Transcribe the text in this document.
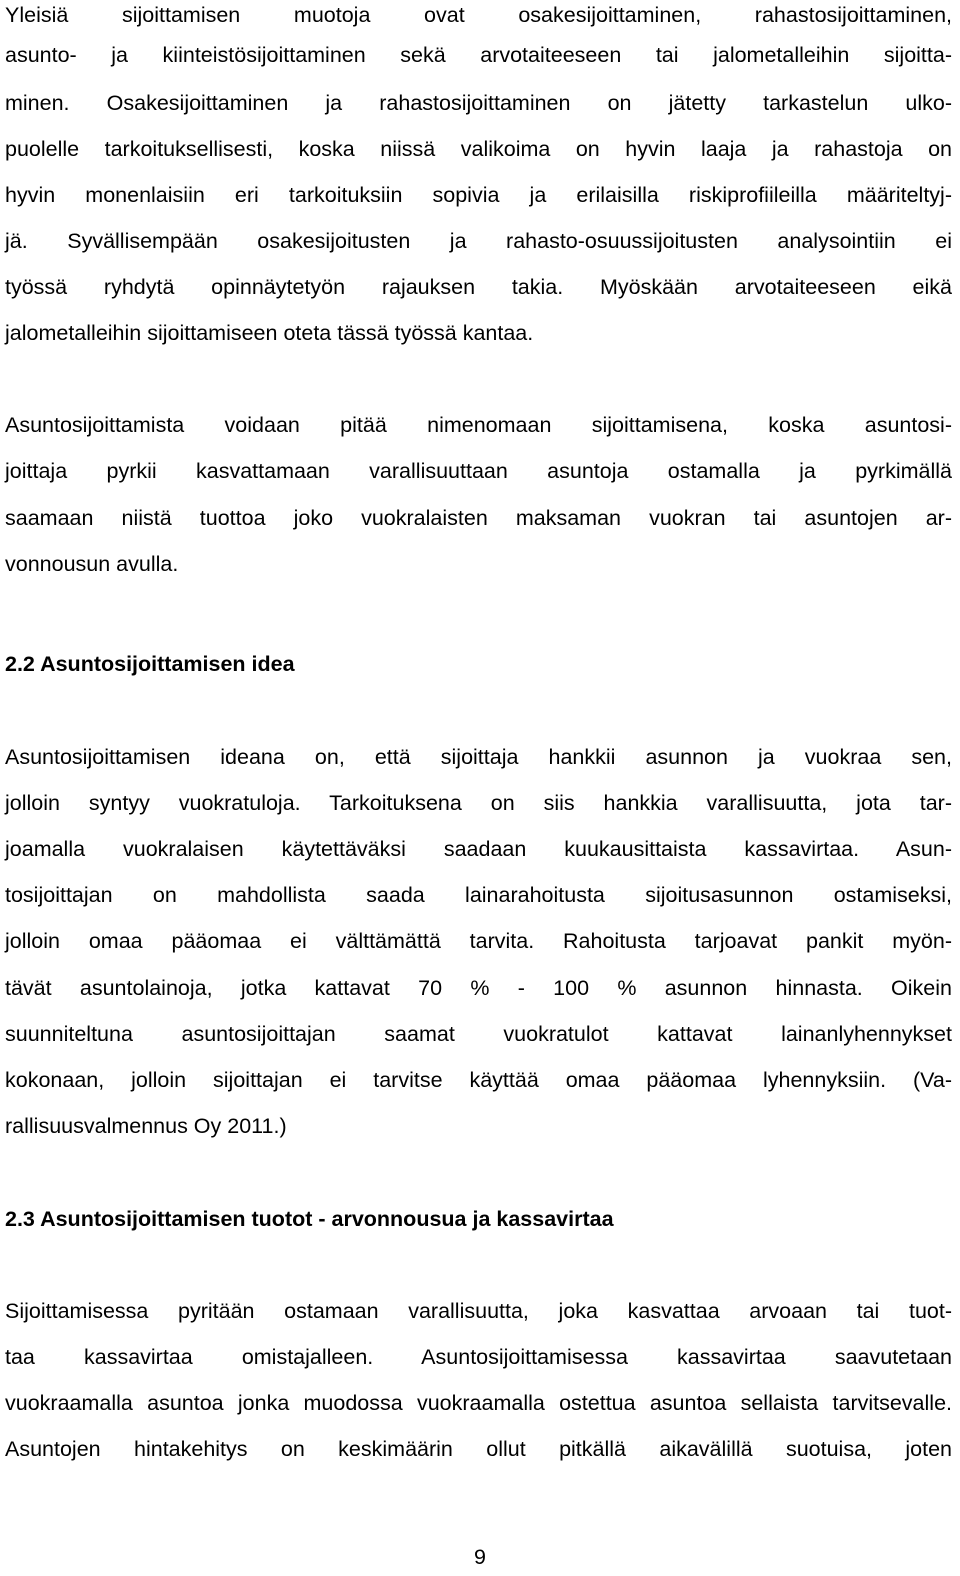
Yleisiä sijoittamisen muotoja ovat osakesijoittaminen, rahastosijoittaminen,
asunto- ja kiinteistösijoittaminen sekä arvotaiteeseen tai jalometalleihin sijoitta-
minen. Osakesijoittaminen ja rahastosijoittaminen on jätetty tarkastelun ulko-
puolelle tarkoituksellisesti, koska niissä valikoima on hyvin laaja ja rahastoja on
hyvin monenlaisiin eri tarkoituksiin sopivia ja erilaisilla riskiprofiileilla määriteltyj-
jä. Syvällisempään osakesijoitusten ja rahasto-osuussijoitusten analysointiin ei
työssä ryhdytä opinnäytetyön rajauksen takia. Myöskään arvotaiteeseen eikä
jalometalleihin sijoittamiseen oteta tässä työssä kantaa.
Asuntosijoittamista voidaan pitää nimenomaan sijoittamisena, koska asuntosi-
joittaja pyrkii kasvattamaan varallisuuttaan asuntoja ostamalla ja pyrkimällä
saamaan niistä tuottoa joko vuokralaisten maksaman vuokran tai asuntojen ar-
vonnousun avulla.
2.2 Asuntosijoittamisen idea
Asuntosijoittamisen ideana on, että sijoittaja hankkii asunnon ja vuokraa sen,
jolloin syntyy vuokratuloja. Tarkoituksena on siis hankkia varallisuutta, jota tar-
joamalla vuokralaisen käytettäväksi saadaan kuukausittaista kassavirtaa. Asun-
tosijoittajan on mahdollista saada lainarahoitusta sijoitusasunnon ostamiseksi,
jolloin omaa pääomaa ei välttämättä tarvita. Rahoitusta tarjoavat pankit myön-
tävät asuntolainoja, jotka kattavat 70 % - 100 % asunnon hinnasta. Oikein
suunniteltuna asuntosijoittajan saamat vuokratulot kattavat lainanlyhennykset
kokonaan, jolloin sijoittajan ei tarvitse käyttää omaa pääomaa lyhennyksiin. (Va-
rallisuusvalmennus Oy 2011.)
2.3 Asuntosijoittamisen tuotot - arvonnousua ja kassavirtaa
Sijoittamisessa pyritään ostamaan varallisuutta, joka kasvattaa arvoaan tai tuot-
taa kassavirtaa omistajalleen. Asuntosijoittamisessa kassavirtaa saavutetaan
vuokraamalla asuntoa jonka muodossa vuokraamalla ostettua asuntoa sellaista tarvitsevalle.
Asuntojen hintakehitys on keskimäärin ollut pitkällä aikavälillä suotuisa, joten
9
